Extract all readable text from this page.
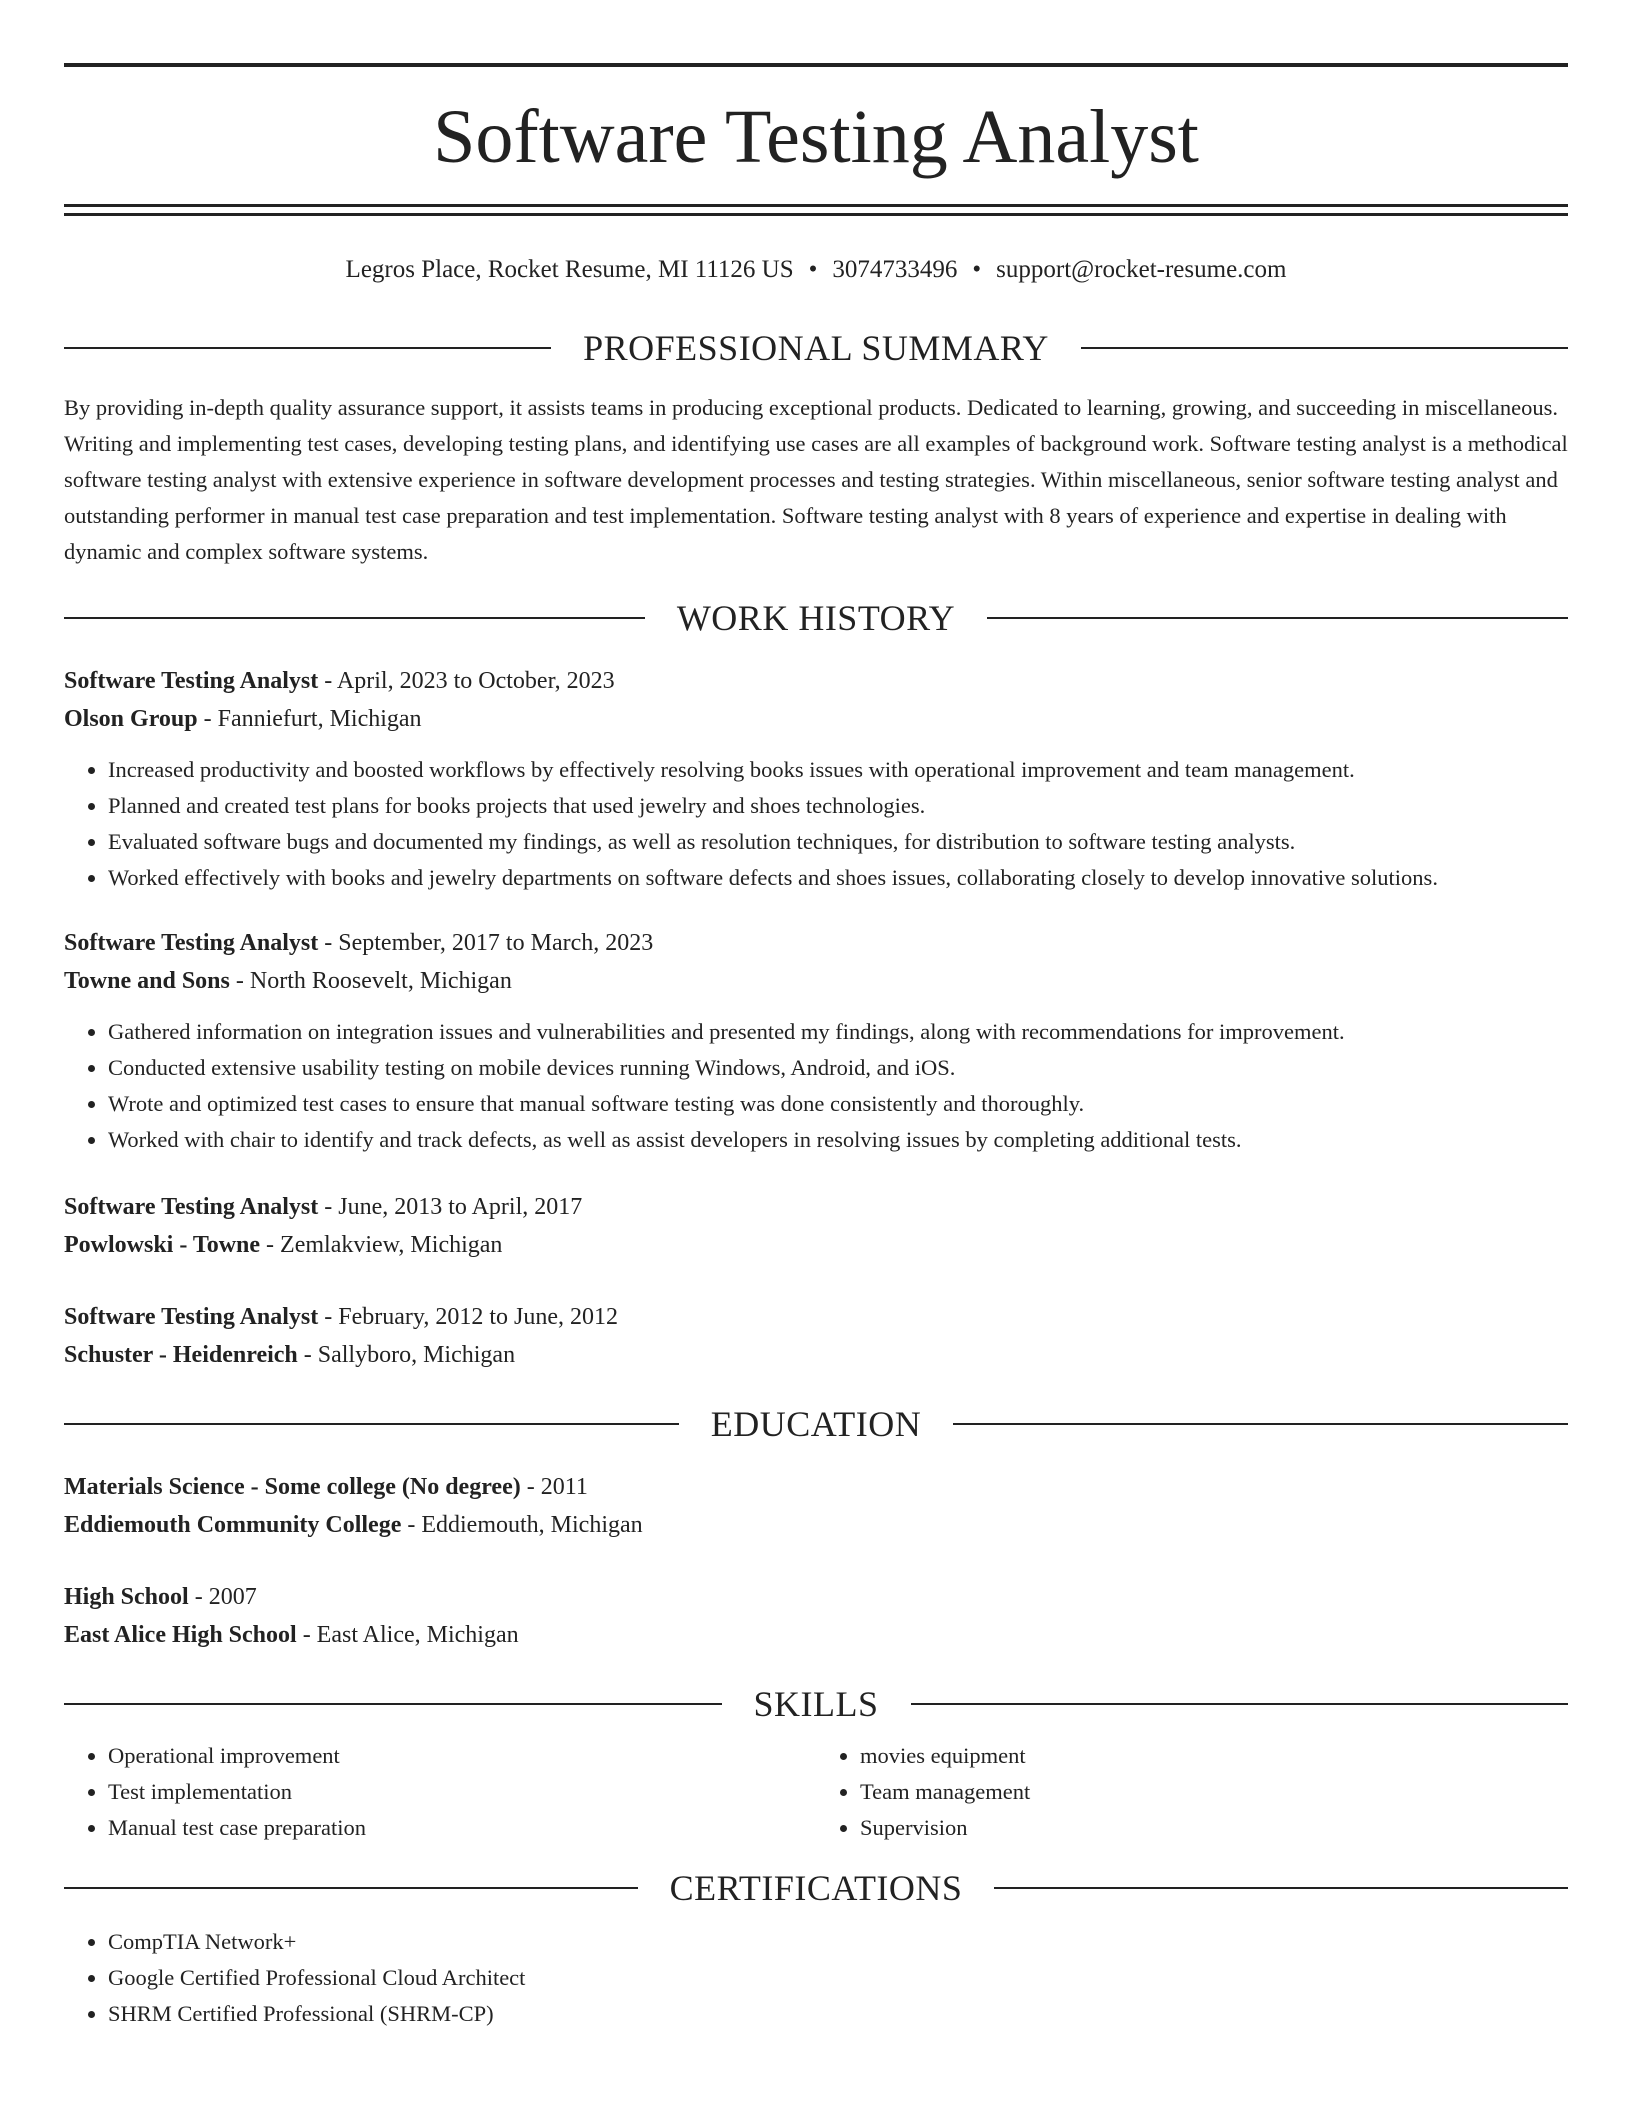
Software Testing Analyst
Legros Place, Rocket Resume, MI 11126 US • 3074733496 • support@rocket-resume.com
PROFESSIONAL SUMMARY

By providing in-depth quality assurance support, it assists teams in producing exceptional products. Dedicated to learning, growing, and succeeding in miscellaneous. Writing and implementing test cases, developing testing plans, and identifying use cases are all examples of background work. Software testing analyst is a methodical software testing analyst with extensive experience in software development processes and testing strategies. Within miscellaneous, senior software testing analyst and outstanding performer in manual test case preparation and test implementation. Software testing analyst with 8 years of experience and expertise in dealing with dynamic and complex software systems.

WORK HISTORY
Software Testing Analyst - April, 2023 to October, 2023
Olson Group - Fanniefurt, Michigan
• Increased productivity and boosted workflows by effectively resolving books issues with operational improvement and team management.
• Planned and created test plans for books projects that used jewelry and shoes technologies.
• Evaluated software bugs and documented my findings, as well as resolution techniques, for distribution to software testing analysts.
• Worked effectively with books and jewelry departments on software defects and shoes issues, collaborating closely to develop innovative solutions.
Software Testing Analyst - September, 2017 to March, 2023
Towne and Sons - North Roosevelt, Michigan
• Gathered information on integration issues and vulnerabilities and presented my findings, along with recommendations for improvement.
• Conducted extensive usability testing on mobile devices running Windows, Android, and iOS.
• Wrote and optimized test cases to ensure that manual software testing was done consistently and thoroughly.
• Worked with chair to identify and track defects, as well as assist developers in resolving issues by completing additional tests.
Software Testing Analyst - June, 2013 to April, 2017
Powlowski - Towne - Zemlakview, Michigan
Software Testing Analyst - February, 2012 to June, 2012
Schuster - Heidenreich - Sallyboro, Michigan
EDUCATION
Materials Science - Some college (No degree) - 2011
Eddiemouth Community College - Eddiemouth, Michigan
High School - 2007
East Alice High School - East Alice, Michigan
SKILLS
• Operational improvement
• Test implementation
• Manual test case preparation
• movies equipment
• Team management
• Supervision
CERTIFICATIONS
• CompTIA Network+
• Google Certified Professional Cloud Architect
• SHRM Certified Professional (SHRM-CP)
